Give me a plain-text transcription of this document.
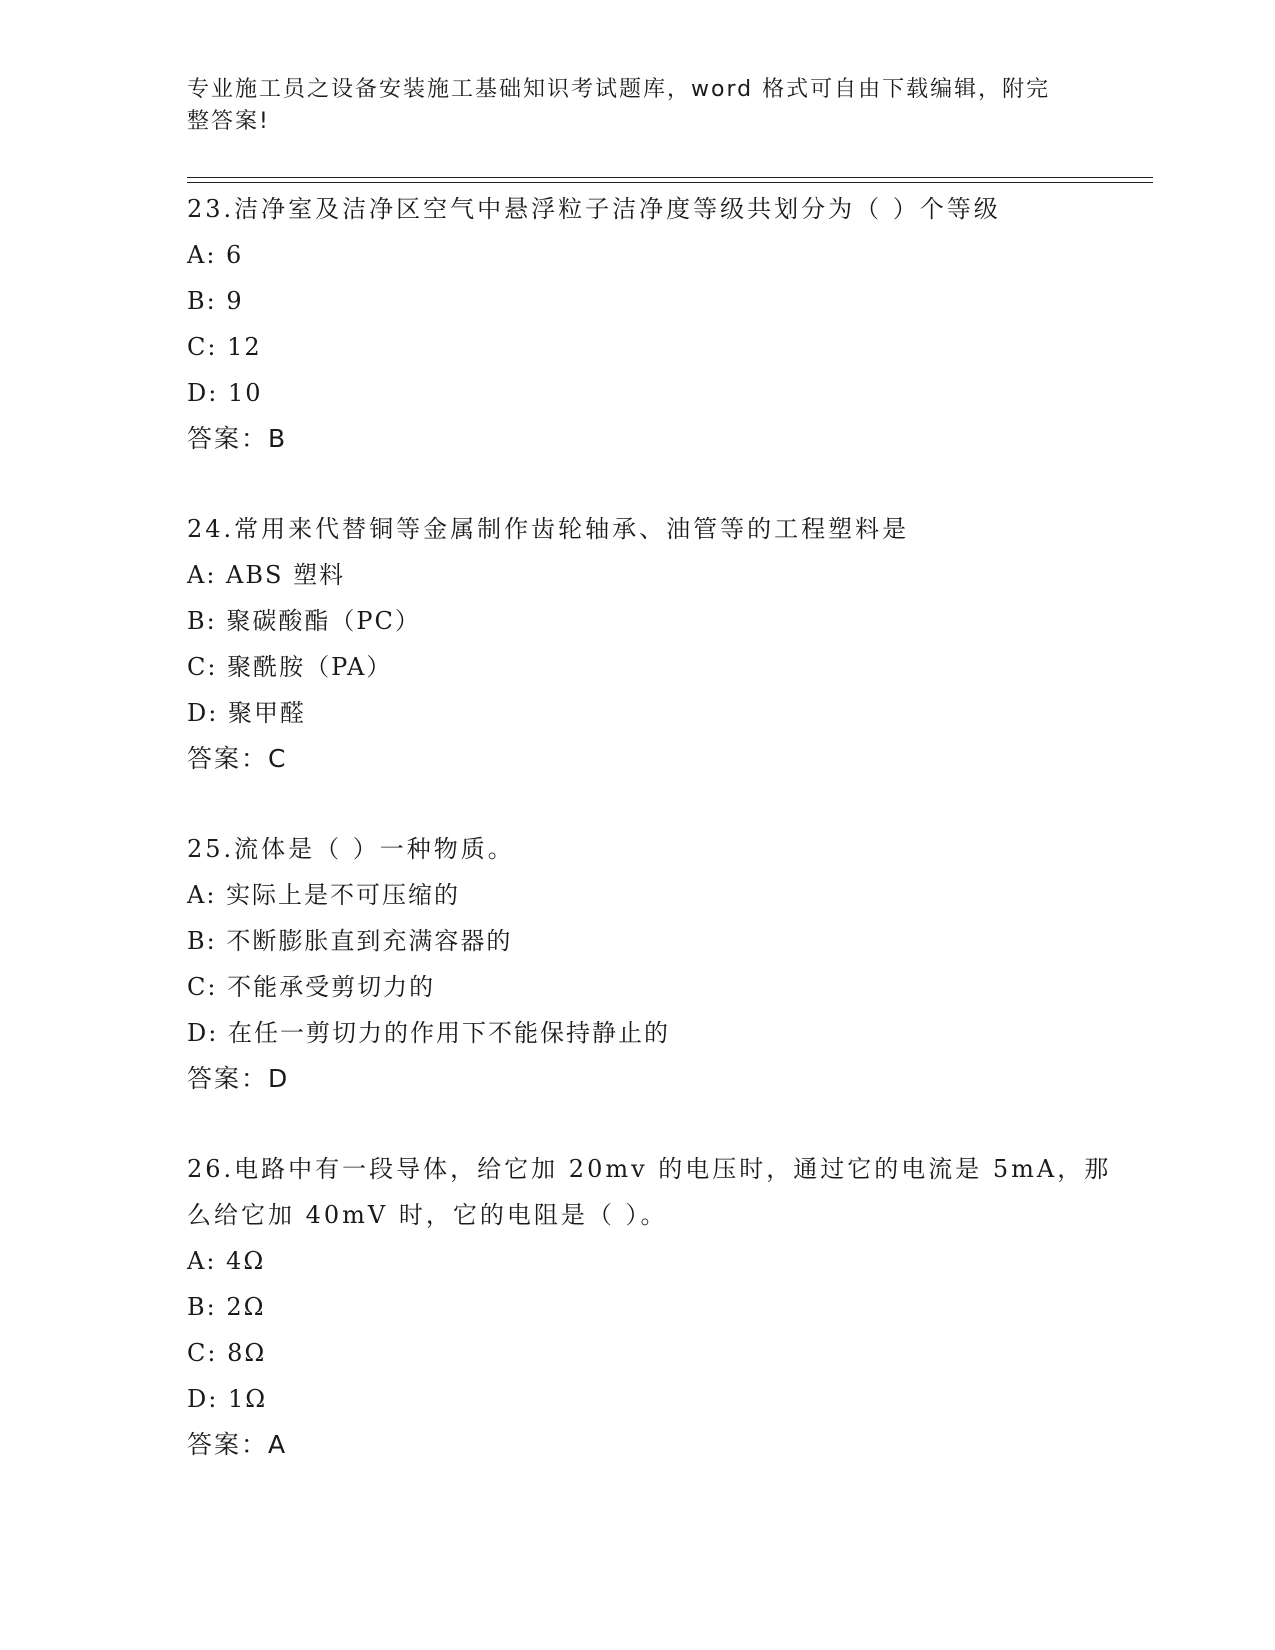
专业施工员之设备安装施工基础知识考试题库，word 格式可自由下载编辑，附完整答案!
23.洁净室及洁净区空气中悬浮粒子洁净度等级共划分为（ ）个等级
A: 6
B: 9
C: 12
D: 10
答案：B
24.常用来代替铜等金属制作齿轮轴承、油管等的工程塑料是
A: ABS 塑料
B: 聚碳酸酯（PC）
C: 聚酰胺（PA）
D: 聚甲醛
答案：C
25.流体是（ ）一种物质。
A: 实际上是不可压缩的
B: 不断膨胀直到充满容器的
C: 不能承受剪切力的
D: 在任一剪切力的作用下不能保持静止的
答案：D
26.电路中有一段导体，给它加 20mv 的电压时，通过它的电流是 5mA，那么给它加 40mV 时，它的电阻是（ ）。
A: 4Ω
B: 2Ω
C: 8Ω
D: 1Ω
答案：A
